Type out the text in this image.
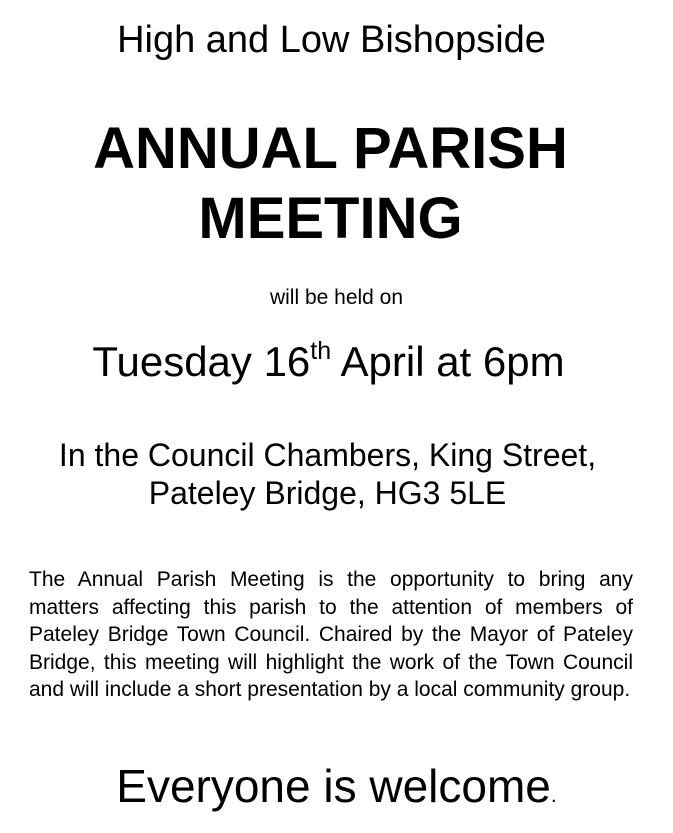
High and Low Bishopside
ANNUAL PARISH
MEETING
will be held on
Tuesday 16th April at 6pm
In the Council Chambers, King Street,
Pateley Bridge, HG3 5LE
The Annual Parish Meeting is the opportunity to bring any matters affecting this parish to the attention of members of Pateley Bridge Town Council. Chaired by the Mayor of Pateley Bridge, this meeting will highlight the work of the Town Council and will include a short presentation by a local community group.
Everyone is welcome.
